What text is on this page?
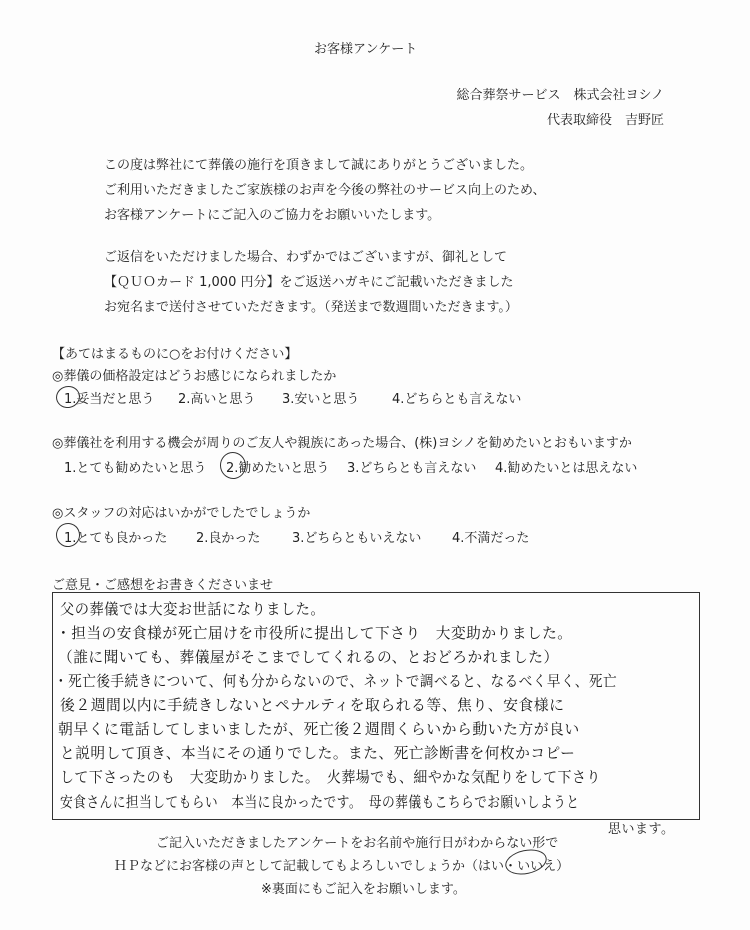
お客様アンケート
総合葬祭サービス　株式会社ヨシノ
代表取締役　吉野匠
この度は弊社にて葬儀の施行を頂きまして誠にありがとうございました。
ご利用いただきましたご家族様のお声を今後の弊社のサービス向上のため、
お客様アンケートにご記入のご協力をお願いいたします。
ご返信をいただけました場合、わずかではございますが、御礼として
【ＱＵＯカード 1,000 円分】をご返送ハガキにご記載いただきました
お宛名まで送付させていただきます。（発送まで数週間いただきます。）
【あてはまるものに○をお付けください】
◎葬儀の価格設定はどうお感じになられましたか
1.妥当だと思う 2.高いと思う 3.安いと思う	4.どちらとも言えない
◎葬儀社を利用する機会が周りのご友人や親族にあった場合、(株)ヨシノを勧めたいとおもいますか
1.とても勧めたいと思う 2.勧めたいと思う 3.どちらとも言えない 4.勧めたいとは思えない
◎スタッフの対応はいかがでしたでしょうか
1.とても良かった 2.良かった 3.どちらともいえない 4.不満だった
ご意見・ご感想をお書きくださいませ
父の葬儀では大変お世話になりました。
・担当の安食様が死亡届けを市役所に提出して下さり　大変助かりました。
（誰に聞いても、葬儀屋がそこまでしてくれるの、とおどろかれました）
・死亡後手続きについて、何も分からないので、ネットで調べると、なるべく早く、死亡
後２週間以内に手続きしないとペナルティを取られる等、焦り、安食様に
朝早くに電話してしまいましたが、死亡後２週間くらいから動いた方が良い
と説明して頂き、本当にその通りでした。また、死亡診断書を何枚かコピー
して下さったのも　大変助かりました。　火葬場でも、細やかな気配りをして下さり
安食さんに担当してもらい　本当に良かったです。　母の葬儀もこちらでお願いしようと
思います。
ご記入いただきましたアンケートをお名前や施行日がわからない形で
ＨＰなどにお客様の声として記載してもよろしいでしょうか（はい・いいえ）
※裏面にもご記入をお願いします。
